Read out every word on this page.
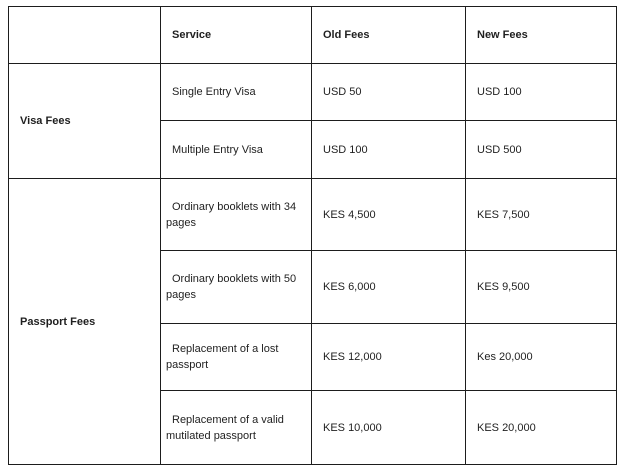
	Service	Old Fees	New Fees
Visa Fees	Single Entry Visa	USD 50	USD 100
	Multiple Entry Visa	USD 100	USD 500
Passport Fees	Ordinary booklets with 34 pages	KES 4,500	KES 7,500
	Ordinary booklets with 50 pages	KES 6,000	KES 9,500
	Replacement of a lost passport	KES 12,000	Kes 20,000
	Replacement of a valid mutilated passport	KES 10,000	KES 20,000
